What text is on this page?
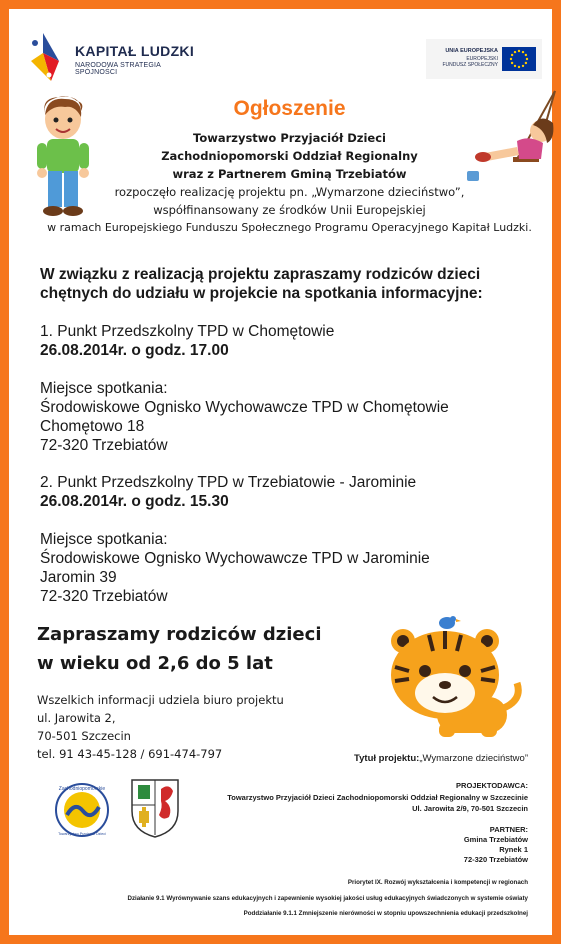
KAPITAŁ LUDZKI
NARODOWA STRATEGIA SPÓJNOŚCI
UNIA EUROPEJSKA
EUROPEJSKI
FUNDUSZ SPOŁECZNY
Ogłoszenie
Towarzystwo Przyjaciół Dzieci
Zachodniopomorski Oddział Regionalny
wraz z Partnerem Gminą Trzebiatów
rozpoczęło realizację projektu pn. „Wymarzone dzieciństwo”,
współfinansowany ze środków Unii Europejskiej
w ramach Europejskiego Funduszu Społecznego Programu Operacyjnego Kapitał Ludzki.
W związku z realizacją projektu zapraszamy rodziców dzieci
chętnych do udziału w projekcie na spotkania informacyjne:
1. Punkt Przedszkolny TPD w Chomętowie
26.08.2014r. o godz. 17.00
Miejsce spotkania:
Środowiskowe Ognisko Wychowawcze TPD w Chomętowie
Chomętowo 18
72-320 Trzebiatów
2. Punkt Przedszkolny TPD w Trzebiatowie - Jarominie
26.08.2014r. o godz. 15.30
Miejsce spotkania:
Środowiskowe Ognisko Wychowawcze TPD w Jarominie
Jaromin 39
72-320 Trzebiatów
Zapraszamy rodziców dzieci
w wieku od 2,6 do 5 lat
Wszelkich informacji udziela biuro projektu
ul. Jarowita 2,
70-501 Szczecin
tel. 91 43-45-128 / 691-474-797	Tytuł projektu:„Wymarzone dzieciństwo”
Zachodniopomorskie
Towarzystwo Przyjaciół Dzieci
PROJEKTODAWCA:
Towarzystwo Przyjaciół Dzieci Zachodniopomorski Oddział Regionalny w Szczecinie
Ul. Jarowita 2/9, 70-501 Szczecin
PARTNER:
Gmina Trzebiatów
Rynek 1
72-320 Trzebiatów
Priorytet IX. Rozwój wykształcenia i kompetencji w regionach
Działanie 9.1 Wyrównywanie szans edukacyjnych i zapewnienie wysokiej jakości usług edukacyjnych świadczonych w systemie oświaty
Poddziałanie 9.1.1 Zmniejszenie nierówności w stopniu upowszechnienia edukacji przedszkolnej
